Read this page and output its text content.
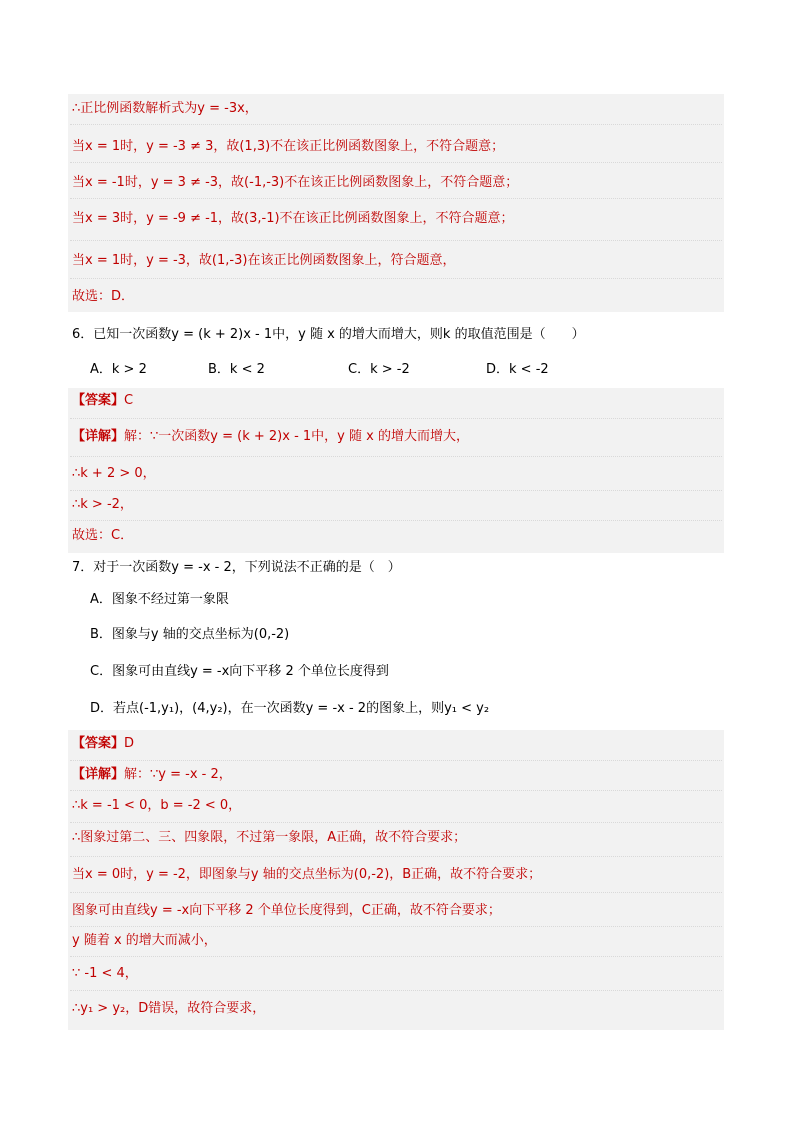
∴正比例函数解析式为y = -3x，
当x = 1时，y = -3 ≠ 3，故(1,3)不在该正比例函数图象上，不符合题意；
当x = -1时，y = 3 ≠ -3，故(-1,-3)不在该正比例函数图象上，不符合题意；
当x = 3时，y = -9 ≠ -1，故(3,-1)不在该正比例函数图象上，不符合题意；
当x = 1时，y = -3，故(1,-3)在该正比例函数图象上，符合题意，
故选：D．
6．已知一次函数y = (k + 2)x - 1中，y 随 x 的增大而增大，则k 的取值范围是（　　）
A．k > 2	B．k < 2	C．k > -2	D．k < -2
【答案】C
【详解】解：∵一次函数y = (k + 2)x - 1中，y 随 x 的增大而增大，
∴k + 2 > 0，
∴k > -2，
故选：C．
7．对于一次函数y = -x - 2，下列说法不正确的是（　）
A．图象不经过第一象限
B．图象与y 轴的交点坐标为(0,-2)
C．图象可由直线y = -x向下平移 2 个单位长度得到
D．若点(-1,y₁)，(4,y₂)，在一次函数y = -x - 2的图象上，则y₁ < y₂
【答案】D
【详解】解：∵y = -x - 2，
∴k = -1 < 0，b = -2 < 0，
∴图象过第二、三、四象限，不过第一象限，A正确，故不符合要求；
当x = 0时，y = -2，即图象与y 轴的交点坐标为(0,-2)，B正确，故不符合要求；
图象可由直线y = -x向下平移 2 个单位长度得到，C正确，故不符合要求；
y 随着 x 的增大而减小，
∵ -1 < 4，
∴y₁ > y₂，D错误，故符合要求，
